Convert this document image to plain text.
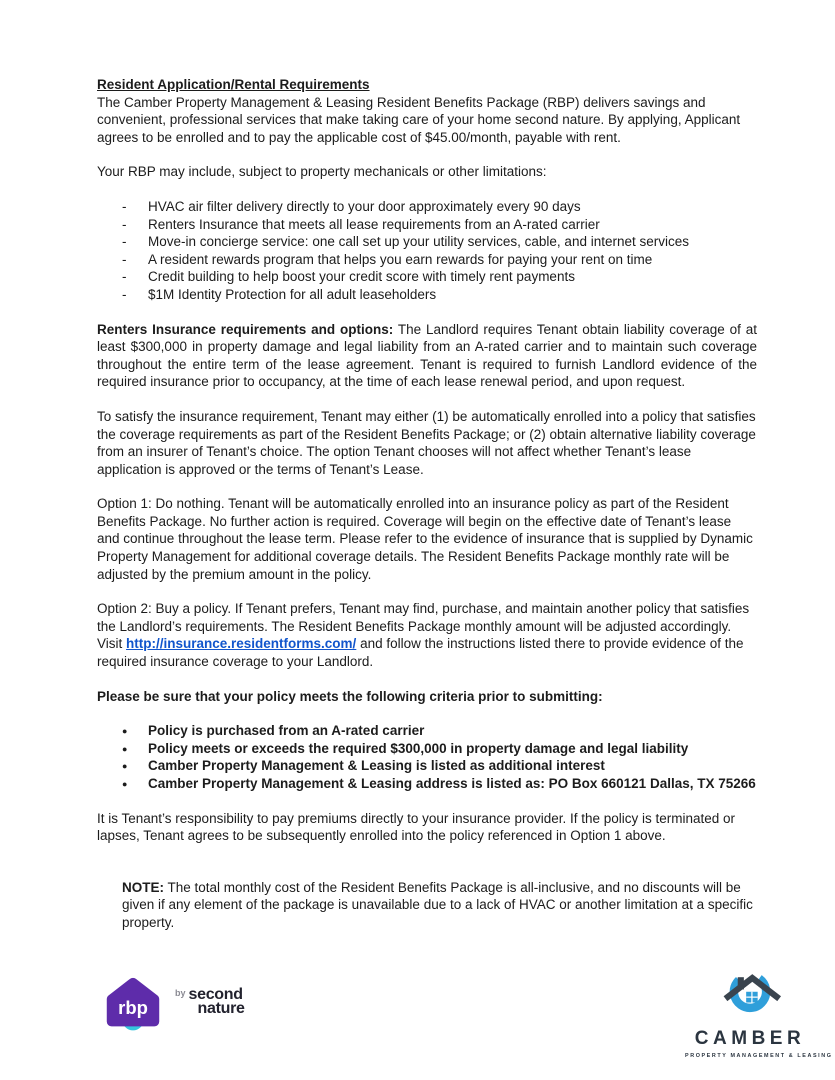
Resident Application/Rental Requirements

The Camber Property Management & Leasing Resident Benefits Package (RBP) delivers savings and convenient, professional services that make taking care of your home second nature. By applying, Applicant agrees to be enrolled and to pay the applicable cost of $45.00/month, payable with rent.

Your RBP may include, subject to property mechanicals or other limitations:

-	HVAC air filter delivery directly to your door approximately every 90 days
-	Renters Insurance that meets all lease requirements from an A-rated carrier
-	Move-in concierge service: one call set up your utility services, cable, and internet services
-	A resident rewards program that helps you earn rewards for paying your rent on time
-	Credit building to help boost your credit score with timely rent payments
-	$1M Identity Protection for all adult leaseholders

Renters Insurance requirements and options: The Landlord requires Tenant obtain liability coverage of at least $300,000 in property damage and legal liability from an A-rated carrier and to maintain such coverage throughout the entire term of the lease agreement. Tenant is required to furnish Landlord evidence of the required insurance prior to occupancy, at the time of each lease renewal period, and upon request.

To satisfy the insurance requirement, Tenant may either (1) be automatically enrolled into a policy that satisfies the coverage requirements as part of the Resident Benefits Package; or (2) obtain alternative liability coverage from an insurer of Tenant’s choice. The option Tenant chooses will not affect whether Tenant’s lease application is approved or the terms of Tenant’s Lease.

Option 1: Do nothing. Tenant will be automatically enrolled into an insurance policy as part of the Resident Benefits Package. No further action is required. Coverage will begin on the effective date of Tenant’s lease and continue throughout the lease term. Please refer to the evidence of insurance that is supplied by Dynamic Property Management for additional coverage details. The Resident Benefits Package monthly rate will be adjusted by the premium amount in the policy.

Option 2: Buy a policy. If Tenant prefers, Tenant may find, purchase, and maintain another policy that satisfies the Landlord’s requirements. The Resident Benefits Package monthly amount will be adjusted accordingly. Visit http://insurance.residentforms.com/ and follow the instructions listed there to provide evidence of the required insurance coverage to your Landlord.

Please be sure that your policy meets the following criteria prior to submitting:

●	Policy is purchased from an A-rated carrier
●	Policy meets or exceeds the required $300,000 in property damage and legal liability
●	Camber Property Management & Leasing is listed as additional interest
●	Camber Property Management & Leasing address is listed as: PO Box 660121 Dallas, TX 75266

It is Tenant’s responsibility to pay premiums directly to your insurance provider. If the policy is terminated or lapses, Tenant agrees to be subsequently enrolled into the policy referenced in Option 1 above.

NOTE: The total monthly cost of the Resident Benefits Package is all-inclusive, and no discounts will be given if any element of the package is unavailable due to a lack of HVAC or another limitation at a specific property.

rbp
$^{by}$ second
nature
CAMBER
PROPERTY MANAGEMENT & LEASING
